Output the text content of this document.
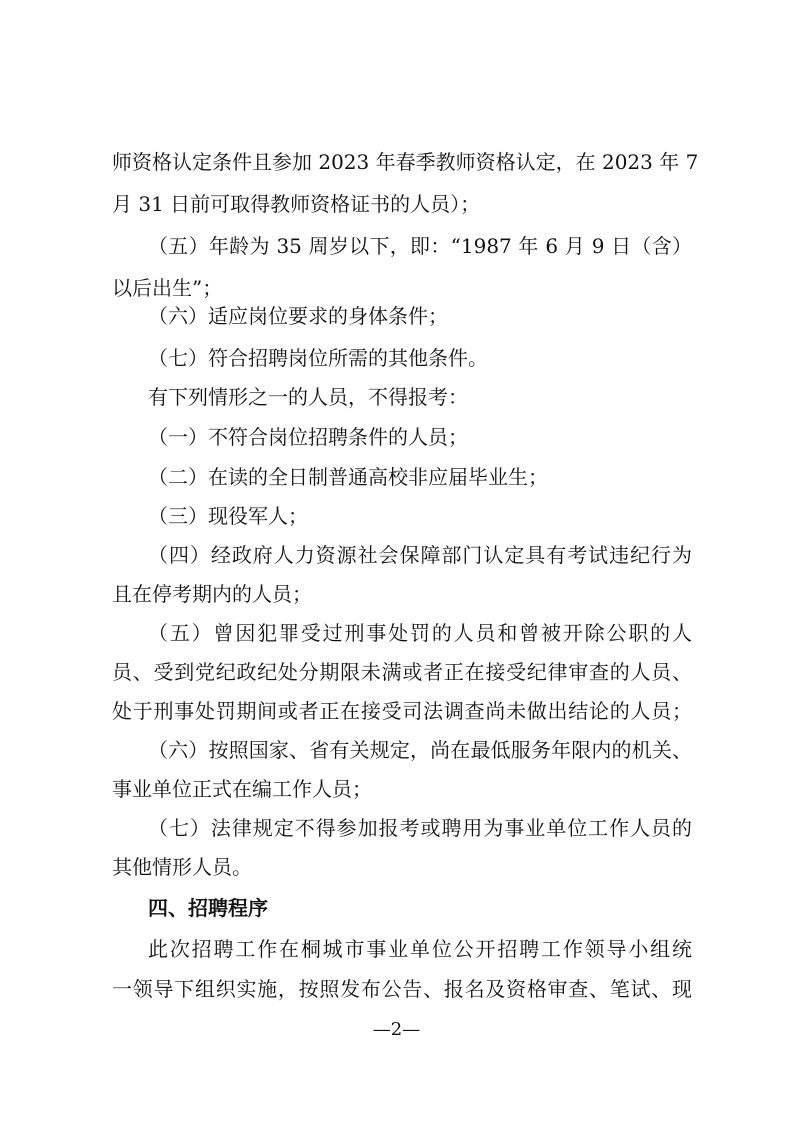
师资格认定条件且参加 2023 年春季教师资格认定，在 2023 年 7
月 31 日前可取得教师资格证书的人员）；
（五）年龄为 35 周岁以下，即：“1987 年 6 月 9 日（含）
以后出生”；
（六）适应岗位要求的身体条件；
（七）符合招聘岗位所需的其他条件。
有下列情形之一的人员，不得报考：
（一）不符合岗位招聘条件的人员；
（二）在读的全日制普通高校非应届毕业生；
（三）现役军人；
（四）经政府人力资源社会保障部门认定具有考试违纪行为
且在停考期内的人员；
（五）曾因犯罪受过刑事处罚的人员和曾被开除公职的人
员、受到党纪政纪处分期限未满或者正在接受纪律审查的人员、
处于刑事处罚期间或者正在接受司法调查尚未做出结论的人员；
（六）按照国家、省有关规定，尚在最低服务年限内的机关、
事业单位正式在编工作人员；
（七）法律规定不得参加报考或聘用为事业单位工作人员的
其他情形人员。
四、招聘程序
此次招聘工作在桐城市事业单位公开招聘工作领导小组统
一领导下组织实施，按照发布公告、报名及资格审查、笔试、现
—2—
